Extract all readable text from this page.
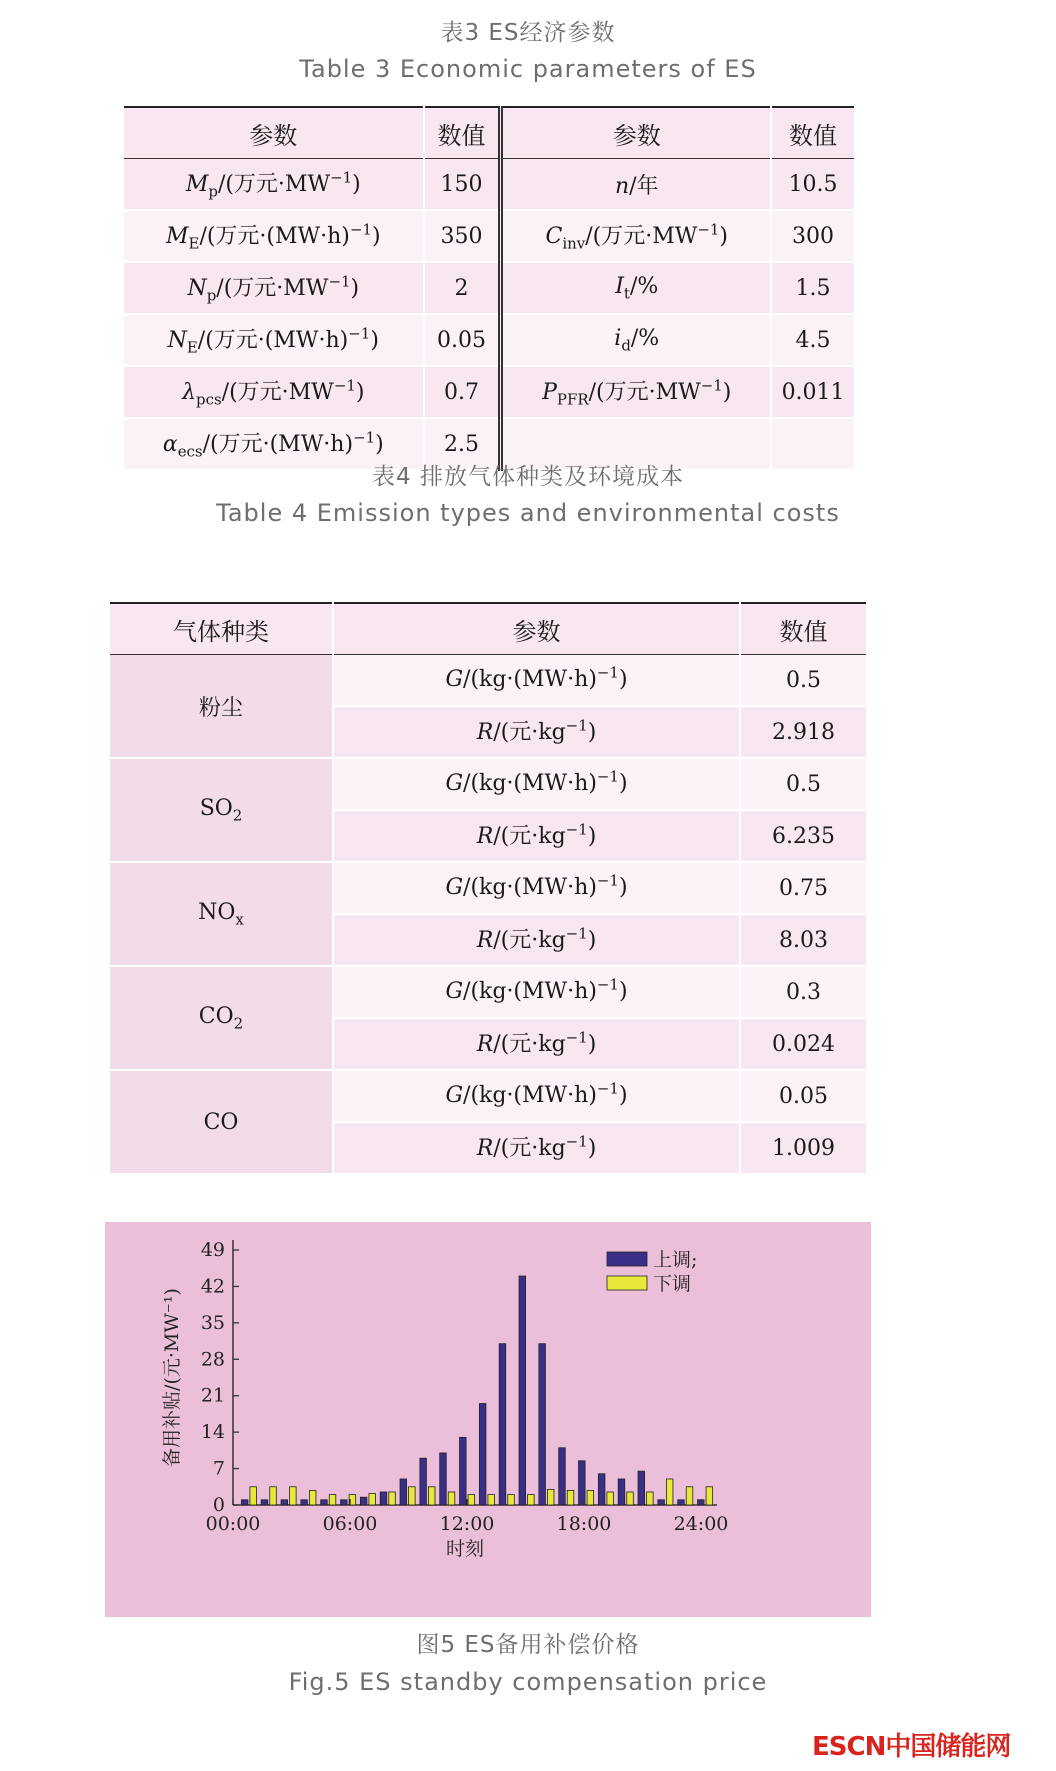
表3 ES经济参数
Table 3 Economic parameters of ES
参数	数值	参数	数值
$M_p/$(万元$\cdot MW^{-1}$)	150	n/年	10.5
$M_E/$(万元$\cdot(MW\cdot h)^{-1}$)	350	$C_{inv}/$(万元$\cdot MW^{-1}$)	300
$N_p/$(万元$\cdot MW^{-1}$)	2	$I_t/\%$	1.5
$N_E/$(万元$\cdot(MW\cdot h)^{-1}$)	0.05	$i_d/\%$	4.5
$\lambda_{pcs}/$(万元$\cdot MW^{-1}$)	0.7	$P_{PFR}/$(万元$\cdot MW^{-1}$)	0.011
$\alpha_{ecs}/$(万元$\cdot(MW\cdot h)^{-1}$)	2.5		
表4 排放气体种类及环境成本
Table 4 Emission types and environmental costs
气体种类	参数	数值
粉尘	$G/(kg\cdot(MW\cdot h)^{-1})$	0.5
	R/(元$\cdot kg^{-1}$)	2.918
$SO_2$	$G/(kg\cdot(MW\cdot h)^{-1})$	0.5
	R/(元$\cdot kg^{-1}$)	6.235
$NO_x$	$G/(kg\cdot(MW\cdot h)^{-1})$	0.75
	R/(元$\cdot kg^{-1}$)	8.03
$CO_2$	$G/(kg\cdot(MW\cdot h)^{-1})$	0.3
	R/(元$\cdot kg^{-1}$)	0.024
CO	$G/(kg\cdot(MW\cdot h)^{-1})$	0.05
	R/(元$\cdot kg^{-1}$)	1.009
0
7
14
21
28
35
42
49
00:00	06:00	12:00	18:00	24:00
时刻
备用补贴/(元·MW⁻¹)
上调;
下调
图5 ES备用补偿价格
Fig.5 ES standby compensation price
ESCN中国储能网
